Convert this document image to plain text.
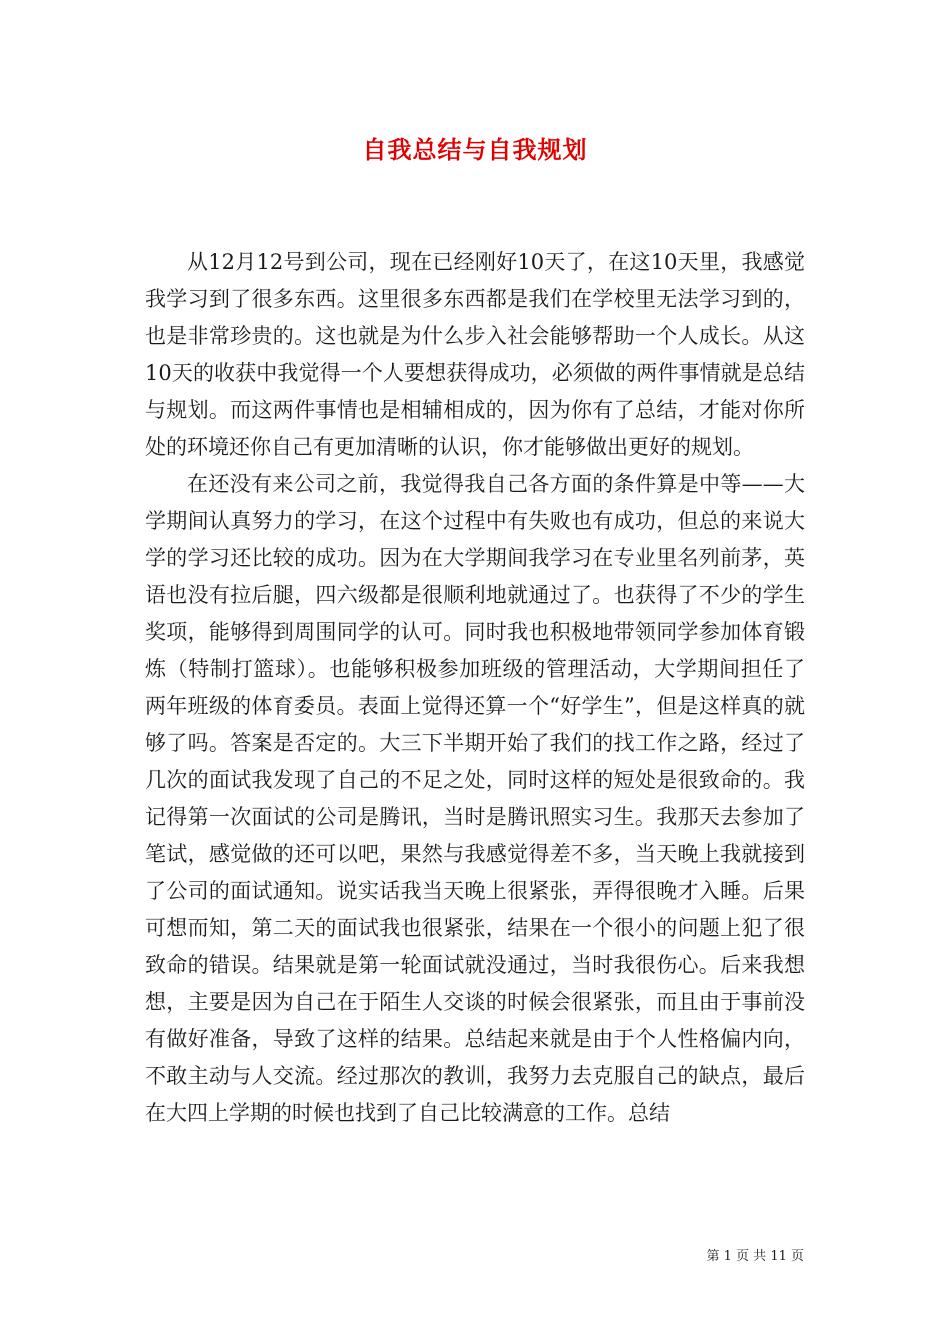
自我总结与自我规划

从12月12号到公司，现在已经刚好10天了，在这10天里，我感觉我学习到了很多东西。这里很多东西都是我们在学校里无法学习到的，也是非常珍贵的。这也就是为什么步入社会能够帮助一个人成长。从这10天的收获中我觉得一个人要想获得成功，必须做的两件事情就是总结与规划。而这两件事情也是相辅相成的，因为你有了总结，才能对你所处的环境还你自己有更加清晰的认识，你才能够做出更好的规划。

在还没有来公司之前，我觉得我自己各方面的条件算是中等——大学期间认真努力的学习，在这个过程中有失败也有成功，但总的来说大学的学习还比较的成功。因为在大学期间我学习在专业里名列前茅，英语也没有拉后腿，四六级都是很顺利地就通过了。也获得了不少的学生奖项，能够得到周围同学的认可。同时我也积极地带领同学参加体育锻炼（特制打篮球）。也能够积极参加班级的管理活动，大学期间担任了两年班级的体育委员。表面上觉得还算一个“好学生”，但是这样真的就够了吗。答案是否定的。大三下半期开始了我们的找工作之路，经过了几次的面试我发现了自己的不足之处，同时这样的短处是很致命的。我记得第一次面试的公司是腾讯，当时是腾讯照实习生。我那天去参加了笔试，感觉做的还可以吧，果然与我感觉得差不多，当天晚上我就接到了公司的面试通知。说实话我当天晚上很紧张，弄得很晚才入睡。后果可想而知，第二天的面试我也很紧张，结果在一个很小的问题上犯了很致命的错误。结果就是第一轮面试就没通过，当时我很伤心。后来我想想，主要是因为自己在于陌生人交谈的时候会很紧张，而且由于事前没有做好准备，导致了这样的结果。总结起来就是由于个人性格偏内向，不敢主动与人交流。经过那次的教训，我努力去克服自己的缺点，最后在大四上学期的时候也找到了自己比较满意的工作。总结

第 1 页 共 11 页
